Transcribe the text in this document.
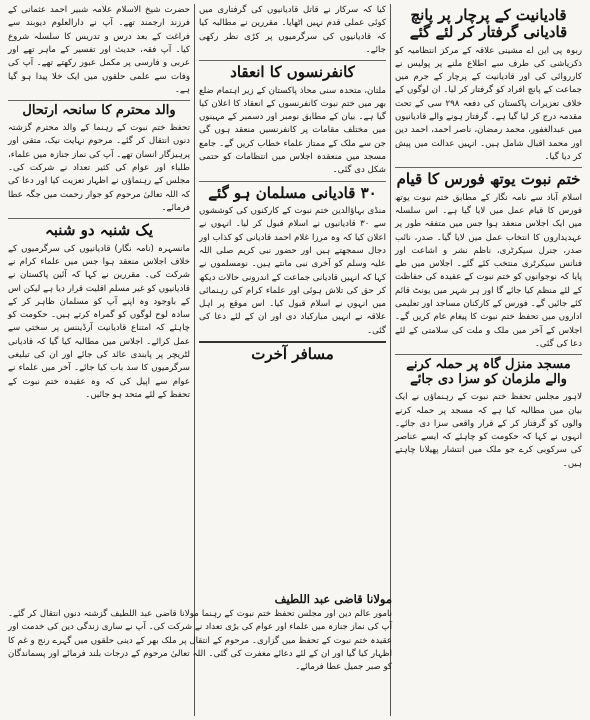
قادیانیت کے پرچار پر پانچ قادیانی گرفتار کر لئے گئے

ربوہ پی این اے مشینی علاقہ کے مرکز انتظامیہ کو ذکریاشی کی طرف سے اطلاع ملنے پر پولیس نے کارروائی کی اور قادیانیت کے پرچار کے جرم میں جماعت کے پانچ افراد کو گرفتار کر لیا۔ ان لوگوں کے خلاف تعزیرات پاکستان کی دفعہ ۲۹۸ سی کے تحت مقدمہ درج کر لیا گیا ہے۔ گرفتار ہونے والے قادیانیوں میں عبدالغفور، محمد رمضان، ناصر احمد، احمد دین اور محمد اقبال شامل ہیں۔ انہیں عدالت میں پیش کر دیا گیا۔

ختم نبوت یوتھ فورس کا قیام

اسلام آباد سے نامہ نگار کے مطابق ختم نبوت یوتھ فورس کا قیام عمل میں لایا گیا ہے۔ اس سلسلہ میں ایک اجلاس منعقد ہوا جس میں متفقہ طور پر عہدیداروں کا انتخاب عمل میں لایا گیا۔ صدر، نائب صدر، جنرل سیکرٹری، ناظم نشر و اشاعت اور فنانس سیکرٹری منتخب کئے گئے۔ اجلاس میں طے پایا کہ نوجوانوں کو ختم نبوت کے عقیدہ کی حفاظت کے لئے منظم کیا جائے گا اور ہر شہر میں یونٹ قائم کئے جائیں گے۔ فورس کے کارکنان مساجد اور تعلیمی اداروں میں تحفظ ختم نبوت کا پیغام عام کریں گے۔ اجلاس کے آخر میں ملک و ملت کی سلامتی کے لئے دعا کی گئی۔

مسجد منزل گاہ پر حملہ کرنے والے ملزمان کو سزا دی جائے

لاہور مجلس تحفظ ختم نبوت کے رہنماؤں نے ایک بیان میں مطالبہ کیا ہے کہ مسجد پر حملہ کرنے والوں کو گرفتار کر کے قرار واقعی سزا دی جائے۔ انہوں نے کہا کہ حکومت کو چاہئے کہ ایسے عناصر کی سرکوبی کرے جو ملک میں انتشار پھیلانا چاہتے ہیں۔

کیا کہ سرکار نے قاتل قادیانیوں کی گرفتاری میں کوئی عملی قدم نہیں اٹھایا۔ مقررین نے مطالبہ کیا کہ قادیانیوں کی سرگرمیوں پر کڑی نظر رکھی جائے۔

کانفرنسوں کا انعقاد

ملتان، متحدہ سنی محاذ پاکستان کے زیر اہتمام ضلع بھر میں ختم نبوت کانفرنسوں کے انعقاد کا اعلان کیا گیا ہے۔ بیان کے مطابق نومبر اور دسمبر کے مہینوں میں مختلف مقامات پر کانفرنسیں منعقد ہوں گی جن سے ملک کے ممتاز علماء خطاب کریں گے۔ جامع مسجد میں منعقدہ اجلاس میں انتظامات کو حتمی شکل دی گئی۔

۳۰ قادیانی مسلمان ہو گئے

منڈی بہاؤالدین ختم نبوت کے کارکنوں کی کوششوں سے ۳۰ قادیانیوں نے اسلام قبول کر لیا۔ انہوں نے اعلان کیا کہ وہ مرزا غلام احمد قادیانی کو کذاب اور دجال سمجھتے ہیں اور حضور نبی کریم صلی اللہ علیہ وسلم کو آخری نبی مانتے ہیں۔ نومسلموں نے کہا کہ انہیں قادیانی جماعت کے اندرونی حالات دیکھ کر حق کی تلاش ہوئی اور علماء کرام کی رہنمائی میں انہوں نے اسلام قبول کیا۔ اس موقع پر اہل علاقہ نے انہیں مبارکباد دی اور ان کے لئے دعا کی گئی۔

مسافر آخرت

حضرت شیخ الاسلام علامہ شبیر احمد عثمانی کے فرزند ارجمند تھے۔ آپ نے دارالعلوم دیوبند سے فراغت کے بعد درس و تدریس کا سلسلہ شروع کیا۔ آپ فقہ، حدیث اور تفسیر کے ماہر تھے اور عربی و فارسی پر مکمل عبور رکھتے تھے۔ آپ کی وفات سے علمی حلقوں میں ایک خلا پیدا ہو گیا ہے۔

والد محترم کا سانحہ ارتحال

تحفظ ختم نبوت کے رہنما کے والد محترم گزشتہ دنوں انتقال کر گئے۔ مرحوم نہایت نیک، متقی اور پرہیزگار انسان تھے۔ آپ کی نماز جنازہ میں علماء، طلباء اور عوام کی کثیر تعداد نے شرکت کی۔ مجلس کے رہنماؤں نے اظہار تعزیت کیا اور دعا کی کہ اللہ تعالیٰ مرحوم کو جوار رحمت میں جگہ عطا فرمائے۔

یک شنبہ دو شنبہ

مانسہرہ (نامہ نگار) قادیانیوں کی سرگرمیوں کے خلاف اجلاس منعقد ہوا جس میں علماء کرام نے شرکت کی۔ مقررین نے کہا کہ آئین پاکستان نے قادیانیوں کو غیر مسلم اقلیت قرار دیا ہے لیکن اس کے باوجود وہ اپنے آپ کو مسلمان ظاہر کر کے سادہ لوح لوگوں کو گمراہ کرتے ہیں۔ حکومت کو چاہئے کہ امتناع قادیانیت آرڈیننس پر سختی سے عمل کرائے۔ اجلاس میں مطالبہ کیا گیا کہ قادیانی لٹریچر پر پابندی عائد کی جائے اور ان کی تبلیغی سرگرمیوں کا سد باب کیا جائے۔ آخر میں علماء نے عوام سے اپیل کی کہ وہ عقیدہ ختم نبوت کے تحفظ کے لئے متحد ہو جائیں۔

مولانا قاضی عبد اللطیف

نامور عالم دین اور مجلس تحفظ ختم نبوت کے رہنما مولانا قاضی عبد اللطیف گزشتہ دنوں انتقال کر گئے۔ آپ کی نماز جنازہ میں علماء اور عوام کی بڑی تعداد نے شرکت کی۔ آپ نے ساری زندگی دین کی خدمت اور عقیدہ ختم نبوت کے تحفظ میں گزاری۔ مرحوم کے انتقال پر ملک بھر کے دینی حلقوں میں گہرے رنج و غم کا اظہار کیا گیا اور ان کے لئے دعائے مغفرت کی گئی۔ اللہ تعالیٰ مرحوم کے درجات بلند فرمائے اور پسماندگان کو صبر جمیل عطا فرمائے۔
